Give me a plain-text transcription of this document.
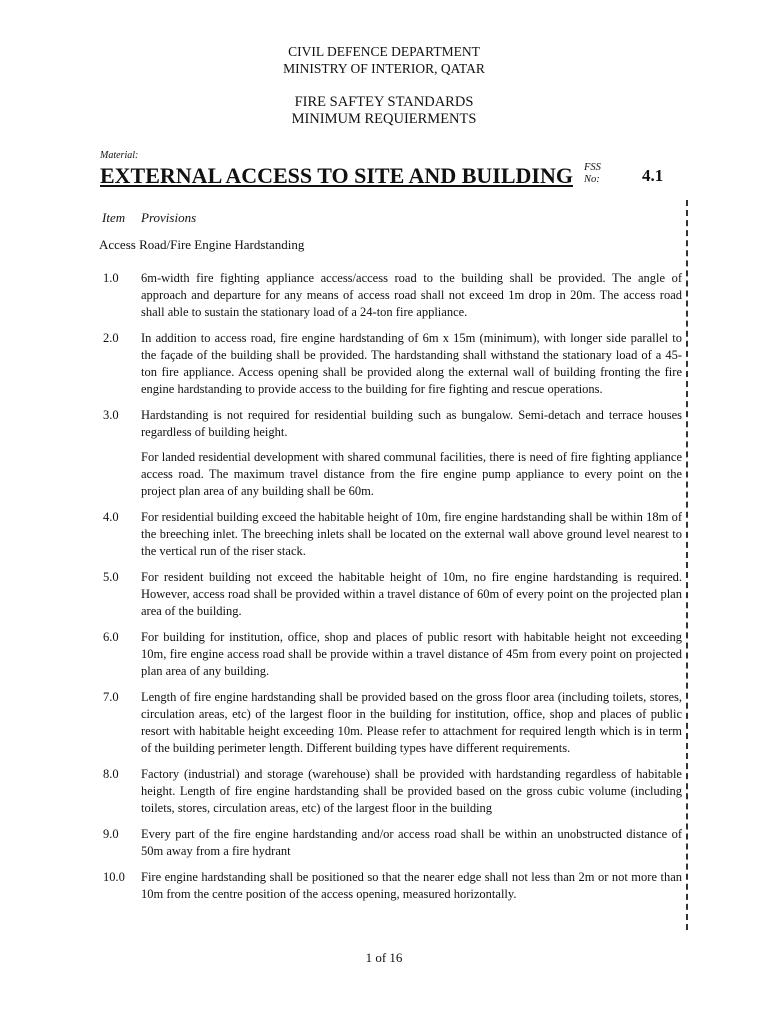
CIVIL DEFENCE DEPARTMENT
MINISTRY OF INTERIOR, QATAR
FIRE SAFTEY STANDARDS
MINIMUM REQUIERMENTS
Material:
EXTERNAL ACCESS TO SITE AND BUILDING FSS
No: 4.1
Item Provisions
Access Road/Fire Engine Hardstanding
1.0 6m-width fire fighting appliance access/access road to the building shall be provided. The angle of approach and departure for any means of access road shall not exceed 1m drop in 20m. The access road shall able to sustain the stationary load of a 24-ton fire appliance.
2.0 In addition to access road, fire engine hardstanding of 6m x 15m (minimum), with longer side parallel to the façade of the building shall be provided. The hardstanding shall withstand the stationary load of a 45-ton fire appliance. Access opening shall be provided along the external wall of building fronting the fire engine hardstanding to provide access to the building for fire fighting and rescue operations.
3.0 Hardstanding is not required for residential building such as bungalow. Semi-detach and terrace houses regardless of building height.
For landed residential development with shared communal facilities, there is need of fire fighting appliance access road. The maximum travel distance from the fire engine pump appliance to every point on the project plan area of any building shall be 60m.
4.0 For residential building exceed the habitable height of 10m, fire engine hardstanding shall be within 18m of the breeching inlet. The breeching inlets shall be located on the external wall above ground level nearest to the vertical run of the riser stack.
5.0 For resident building not exceed the habitable height of 10m, no fire engine hardstanding is required. However, access road shall be provided within a travel distance of 60m of every point on the projected plan area of the building.
6.0 For building for institution, office, shop and places of public resort with habitable height not exceeding 10m, fire engine access road shall be provide within a travel distance of 45m from every point on projected plan area of any building.
7.0 Length of fire engine hardstanding shall be provided based on the gross floor area (including toilets, stores, circulation areas, etc) of the largest floor in the building for institution, office, shop and places of public resort with habitable height exceeding 10m. Please refer to attachment for required length which is in term of the building perimeter length. Different building types have different requirements.
8.0 Factory (industrial) and storage (warehouse) shall be provided with hardstanding regardless of habitable height. Length of fire engine hardstanding shall be provided based on the gross cubic volume (including toilets, stores, circulation areas, etc) of the largest floor in the building
9.0 Every part of the fire engine hardstanding and/or access road shall be within an unobstructed distance of 50m away from a fire hydrant
10.0 Fire engine hardstanding shall be positioned so that the nearer edge shall not less than 2m or not more than 10m from the centre position of the access opening, measured horizontally.
1 of 16
